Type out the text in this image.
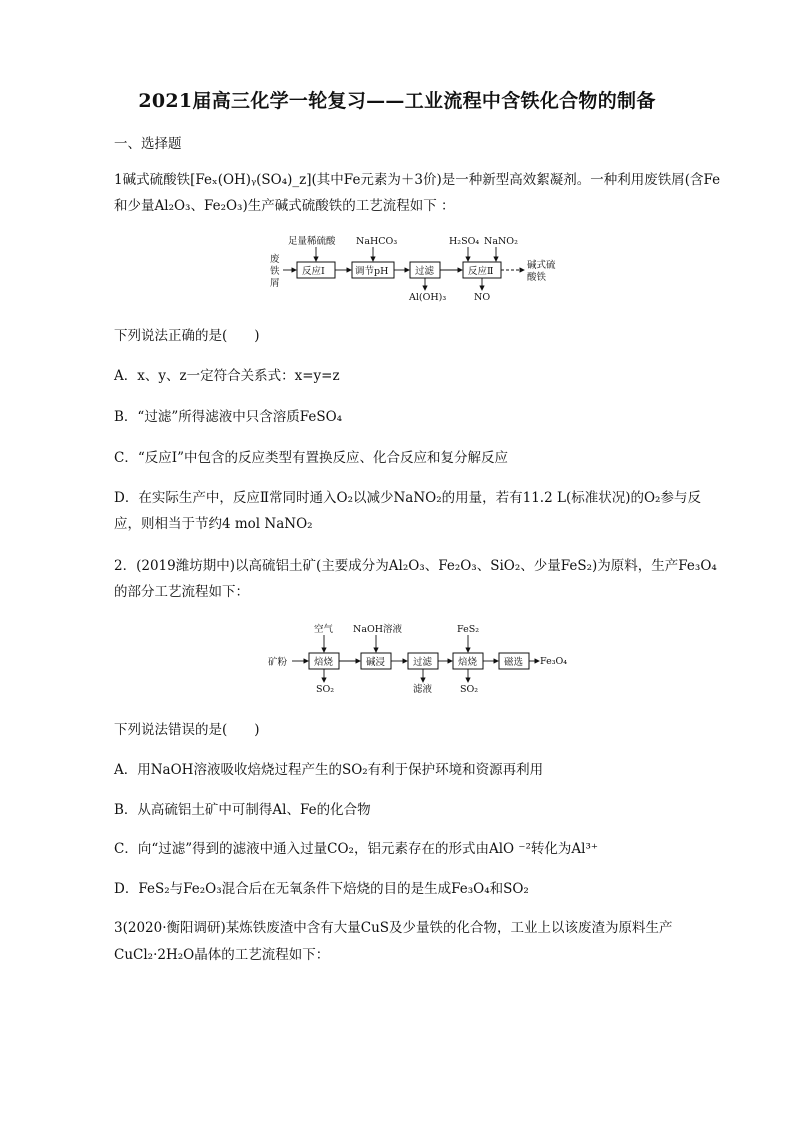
2021届高三化学一轮复习——工业流程中含铁化合物的制备
一、选择题
1碱式硫酸铁[Feₓ(OH)ᵧ(SO₄)_z](其中Fe元素为＋3价)是一种新型高效絮凝剂。一种利用废铁屑(含Fe
和少量Al₂O₃、Fe₂O₃)生产碱式硫酸铁的工艺流程如下 ：
废
铁
屑
反应Ⅰ	调节pH	过滤	反应Ⅱ
碱式硫
酸铁
足量稀硫酸 NaHCO₃	H₂SO₄ NaNO₂
Al(OH)₃	NO
下列说法正确的是(　　)
A．x、y、z一定符合关系式：x=y=z
B．“过滤”所得滤液中只含溶质FeSO₄
C．“反应Ⅰ”中包含的反应类型有置换反应、化合反应和复分解反应
D．在实际生产中，反应Ⅱ常同时通入O₂以减少NaNO₂的用量，若有11.2 L(标准状况)的O₂参与反
应，则相当于节约4 mol NaNO₂
2．(2019潍坊期中)以高硫铝土矿(主要成分为Al₂O₃、Fe₂O₃、SiO₂、少量FeS₂)为原料，生产Fe₃O₄
的部分工艺流程如下：
矿粉	焙烧	碱浸	过滤	焙烧	磁选 Fe₃O₄
空气 NaOH溶液	FeS₂
SO₂	滤液	SO₂
下列说法错误的是(　　)
A．用NaOH溶液吸收焙烧过程产生的SO₂有利于保护环境和资源再利用
B．从高硫铝土矿中可制得Al、Fe的化合物
C．向“过滤”得到的滤液中通入过量CO₂，铝元素存在的形式由AlO ⁻²转化为Al³⁺
D．FeS₂与Fe₂O₃混合后在无氧条件下焙烧的目的是生成Fe₃O₄和SO₂
3(2020·衡阳调研)某炼铁废渣中含有大量CuS及少量铁的化合物，工业上以该废渣为原料生产
CuCl₂·2H₂O晶体的工艺流程如下：
